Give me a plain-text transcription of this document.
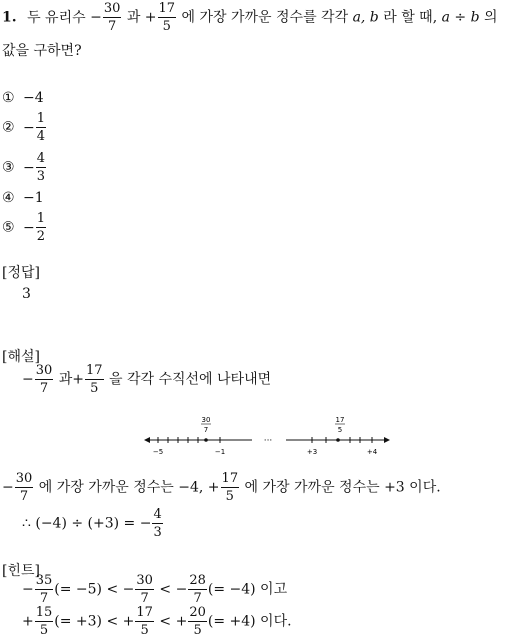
1. 두 유리수 − $\frac{30}{7}$ 과 + $\frac{17}{5}$ 에 가장 가까운 정수를 각각 a, b 라 할 때, a ÷ b 의
값을 구하면?
① −4
② − $\frac{1}{4}$
③ − $\frac{4}{3}$
④ −1
⑤ − $\frac{1}{2}$
[정답]
3
[해설]
− $\frac{30}{7}$ 과+ $\frac{17}{5}$ 을 각각 수직선에 나타내면
30
7
−5	−1
···
17
5
+3	+4
− $\frac{30}{7}$ 에 가장 가까운 정수는 −4, + $\frac{17}{5}$ 에 가장 가까운 정수는 +3 이다.
∴ (−4) ÷ (+3) = − $\frac{4}{3}$
[힌트]
− $\frac{35}{7}$ (= −5) < − $\frac{30}{7}$ < − $\frac{28}{7}$ (= −4) 이고
+ $\frac{15}{5}$ (= +3) < + $\frac{17}{5}$ < + $\frac{20}{5}$ (= +4) 이다.
